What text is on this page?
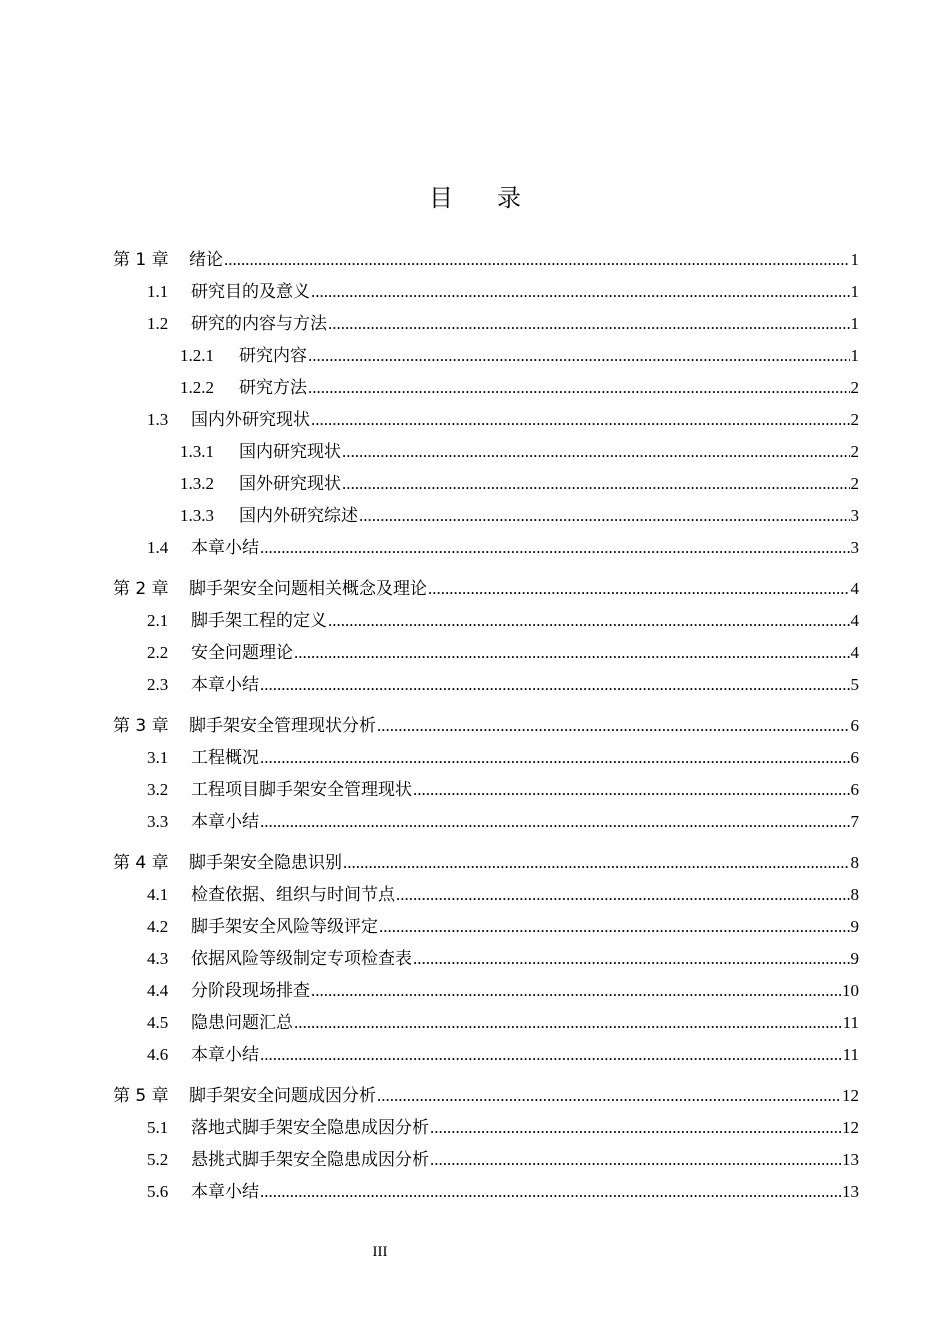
目录
第 1 章	绪论 .....	1
1.1	研究目的及意义 .....	1
1.2	研究的内容与方法 .....	1
1.2.1	研究内容 .....	1
1.2.2	研究方法 .....	2
1.3	国内外研究现状 .....	2
1.3.1	国内研究现状 .....	2
1.3.2	国外研究现状 .....	2
1.3.3	国内外研究综述 .....	3
1.4	本章小结 .....	3
第 2 章	脚手架安全问题相关概念及理论 .....	4
2.1	脚手架工程的定义 .....	4
2.2	安全问题理论 .....	4
2.3	本章小结 .....	5
第 3 章	脚手架安全管理现状分析 .....	6
3.1	工程概况 .....	6
3.2	工程项目脚手架安全管理现状 .....	6
3.3	本章小结 .....	7
第 4 章	脚手架安全隐患识别 .....	8
4.1	检查依据、组织与时间节点 .....	8
4.2	脚手架安全风险等级评定 .....	9
4.3	依据风险等级制定专项检查表 .....	9
4.4	分阶段现场排查 .....	10
4.5	隐患问题汇总 .....	11
4.6	本章小结 .....	11
第 5 章	脚手架安全问题成因分析 .....	12
5.1	落地式脚手架安全隐患成因分析 .....	12
5.2	悬挑式脚手架安全隐患成因分析 .....	13
5.6	本章小结 .....	13
III
